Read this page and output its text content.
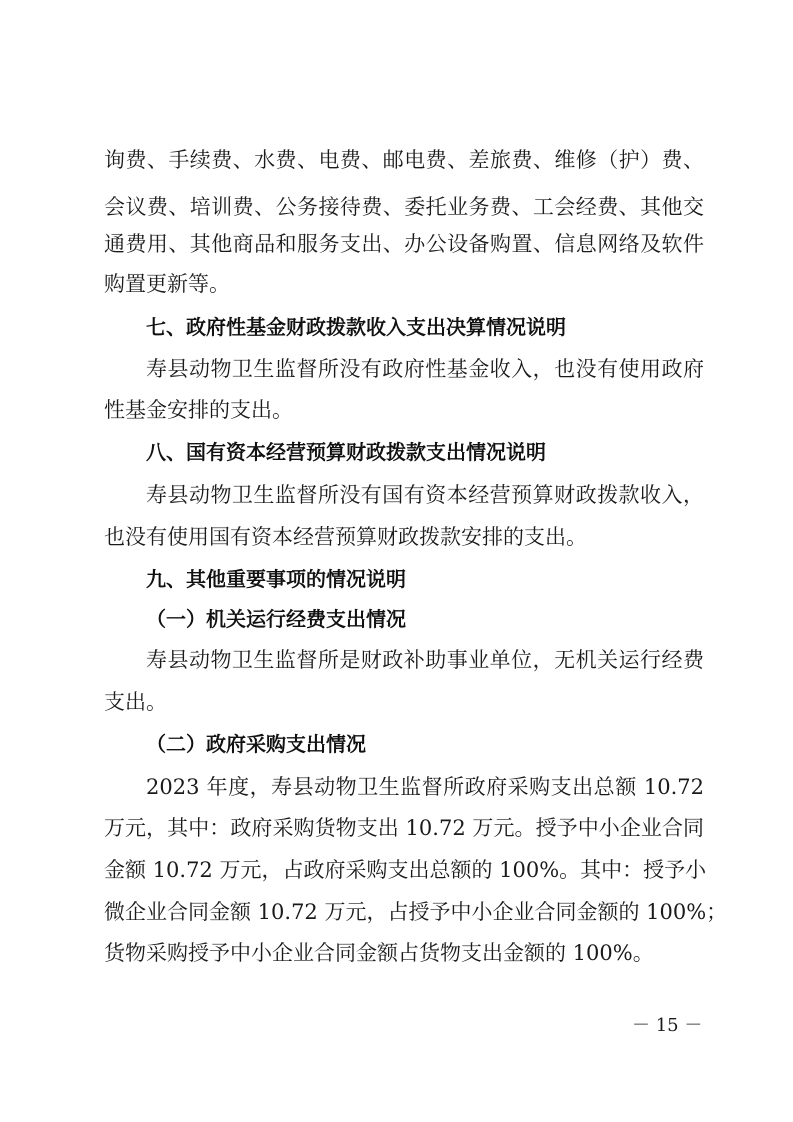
询费、手续费、水费、电费、邮电费、差旅费、维修（护）费、
会议费、培训费、公务接待费、委托业务费、工会经费、其他交
通费用、其他商品和服务支出、办公设备购置、信息网络及软件
购置更新等。
七、政府性基金财政拨款收入支出决算情况说明
寿县动物卫生监督所没有政府性基金收入，也没有使用政府
性基金安排的支出。
八、国有资本经营预算财政拨款支出情况说明
寿县动物卫生监督所没有国有资本经营预算财政拨款收入，
也没有使用国有资本经营预算财政拨款安排的支出。
九、其他重要事项的情况说明
（一）机关运行经费支出情况
寿县动物卫生监督所是财政补助事业单位，无机关运行经费
支出。
（二）政府采购支出情况
2023 年度，寿县动物卫生监督所政府采购支出总额 10.72
万元，其中：政府采购货物支出 10.72 万元。授予中小企业合同
金额 10.72 万元，占政府采购支出总额的 100%。其中：授予小
微企业合同金额 10.72 万元，占授予中小企业合同金额的 100%；
货物采购授予中小企业合同金额占货物支出金额的 100%。
－ 15 －
